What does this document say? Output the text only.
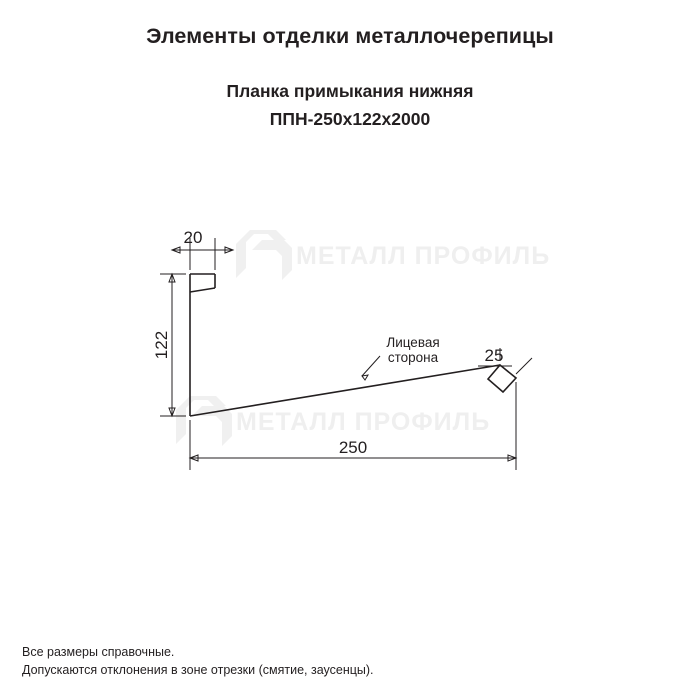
Элементы отделки металлочерепицы
Планка примыкания нижняя
ППН-250х122х2000
МЕТАЛЛ ПРОФИЛЬ
МЕТАЛЛ ПРОФИЛЬ
20
122
250
25
Лицевая
сторона
Все размеры справочные.
Допускаются отклонения в зоне отрезки (смятие, заусенцы).
